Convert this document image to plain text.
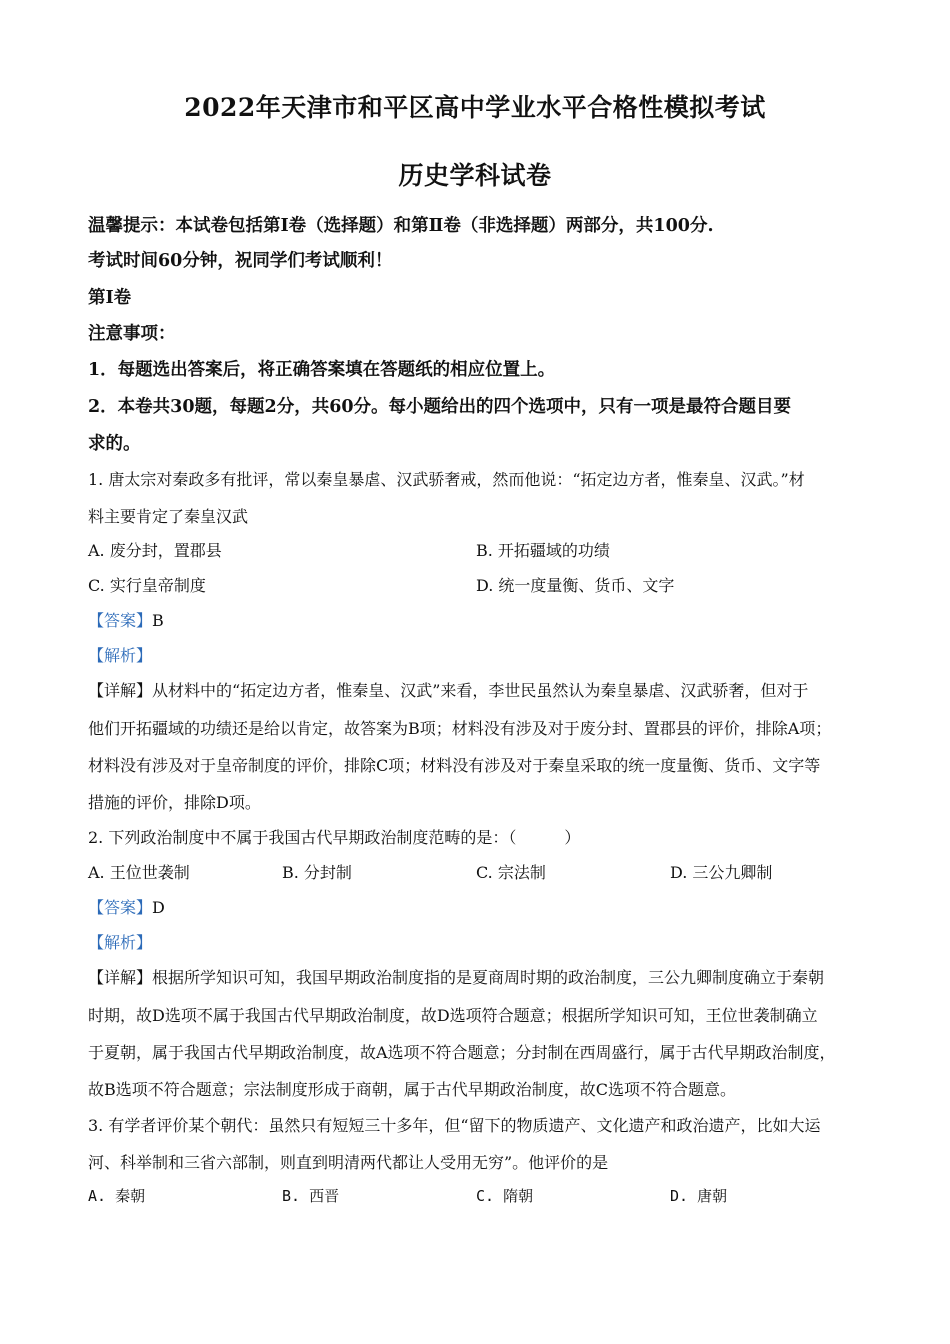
2022年天津市和平区高中学业水平合格性模拟考试
历史学科试卷
温馨提示：本试卷包括第Ⅰ卷（选择题）和第Ⅱ卷（非选择题）两部分，共100分.
考试时间60分钟，祝同学们考试顺利！
第Ⅰ卷
注意事项：
1．每题选出答案后，将正确答案填在答题纸的相应位置上。
2．本卷共30题，每题2分，共60分。每小题给出的四个选项中，只有一项是最符合题目要
求的。
1. 唐太宗对秦政多有批评，常以秦皇暴虐、汉武骄奢戒，然而他说：“拓定边方者，惟秦皇、汉武。”材
料主要肯定了秦皇汉武
A. 废分封，置郡县	B. 开拓疆域的功绩
C. 实行皇帝制度	D. 统一度量衡、货币、文字
【答案】B
【解析】
【详解】从材料中的“拓定边方者，惟秦皇、汉武”来看，李世民虽然认为秦皇暴虐、汉武骄奢，但对于
他们开拓疆域的功绩还是给以肯定，故答案为B项；材料没有涉及对于废分封、置郡县的评价，排除A项；
材料没有涉及对于皇帝制度的评价，排除C项；材料没有涉及对于秦皇采取的统一度量衡、货币、文字等
措施的评价，排除D项。
2. 下列政治制度中不属于我国古代早期政治制度范畴的是：（　　　）
A. 王位世袭制	B. 分封制	C. 宗法制	D. 三公九卿制
【答案】D
【解析】
【详解】根据所学知识可知，我国早期政治制度指的是夏商周时期的政治制度，三公九卿制度确立于秦朝
时期，故D选项不属于我国古代早期政治制度，故D选项符合题意；根据所学知识可知，王位世袭制确立
于夏朝，属于我国古代早期政治制度，故A选项不符合题意；分封制在西周盛行，属于古代早期政治制度，
故B选项不符合题意；宗法制度形成于商朝，属于古代早期政治制度，故C选项不符合题意。
3. 有学者评价某个朝代：虽然只有短短三十多年，但“留下的物质遗产、文化遗产和政治遗产，比如大运
河、科举制和三省六部制，则直到明清两代都让人受用无穷”。他评价的是
A. 秦朝	B. 西晋	C. 隋朝	D. 唐朝
